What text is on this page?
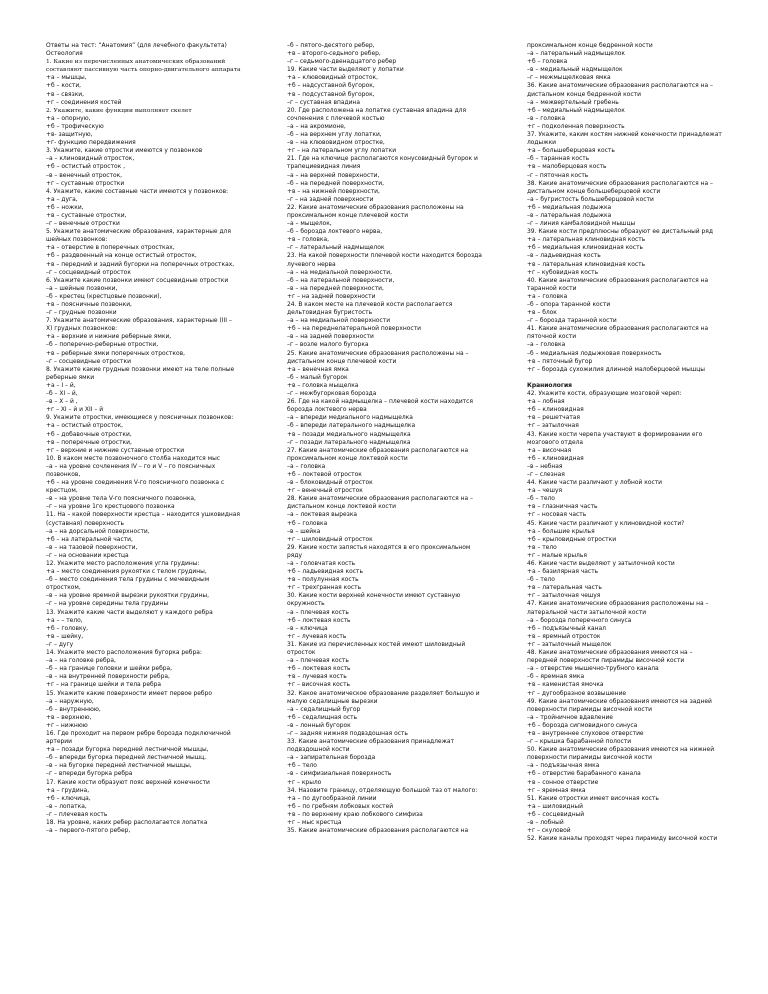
Ответы на тест: “Анатомия” (для лечебного факультета)
Остеология
1. Какие из перечисленных анатомических образований
составляют пассивную часть опорно-двигательного аппарата
+а – мышцы,
+б – кости,
+в – связки,
+г – соединения костей
2. Укажите, какие функции выполняет скелет
+а – опорную,
+б – трофическую
+в- защитную,
+г- функцию передвижения
3. Укажите, какие отростки имеются у позвонков
–а – клиновидный отросток,
+б – остистый отросток ,
–в – венечный отросток,
+г – суставные отростки
4. Укажите, какие составные части имеются у позвонков:
+а – дуга,
+б – ножки,
+в – суставные отростки,
–г – венечные отростки
5. Укажите анатомические образования, характерные для
шейных позвонков:
+а – отверстие в поперечных отростках,
+б – раздвоенный на конце остистый отросток,
+в – передний и задний бугорки на поперечных отростках,
–г – сосцевидный отросток
6. Укажите какие позвонки имеют сосцевидные отростки
–а – шейные позвонки,
–б – крестец (крестцовые позвонки),
+в – поясничные позвонки,
–г – грудные позвонки
7. Укажите анатомические образования, характерные (III –
X) грудных позвонков:
+а – верхние и нижние реберные ямки,
–б – поперечно-реберные отростки,
+в – реберные ямки поперечных отростков,
–г – сосцевидные отростки
8. Укажите какие грудные позвонки имеют на теле полные
реберные ямки
+а – I – й,
–б – XI – й,
–в – X – й ,
+г – XI – й и XII – й
9. Укажите отростки, имеющиеся у поясничных позвонков:
+а – остистый отросток,
+б – добавочные отростки,
+в – поперечные отростки,
+г – верхние и нижние суставные отростки
10. В каком месте позвоночного столба находится мыс
–а – на уровне сочленения IV – го и V – го поясничных
позвонков,
+б – на уровне соединения V-го поясничного позвонка с
крестцом,
–в – на уровне тела V-го поясничного позвонка,
–г – на уровне 1го крестцового позвонка
11. На – какой поверхности крестца – находится ушковидная
(суставная) поверхность
–а – на дорсальной поверхности,
+б – на латеральной части,
–в – на тазовой поверхности,
–г – на основании крестца
12. Укажите место расположения угла грудины:
+а – место соединения рукоятки с телом грудины,
–б – место соединения тела грудины с мечевидным
отростком,
–в – на уровне яремной вырезки рукоятки грудины,
–г – на уровне середины тела грудины
13. Укажите какие части выделяют у каждого ребра
+а – – тело,
+б – головку,
+в – шейку,
–г – дугу
14. Укажите место расположения бугорка ребра:
–а – на головке ребра,
–б – на границе головки и шейки ребра,
–в – на внутренней поверхности ребра,
+г – на границе шейки и тела ребра
15. Укажите какие поверхности имеет первое ребро
–а – наружную,
–б – внутреннюю,
+в – верхнюю,
+г – нижнюю
16. Где проходит на первом ребре борозда подключичной
артерии
+а – позади бугорка передней лестничной мышцы,
–б – впереди бугорка передней лестничной мышц,
–в – на бугорке передней лестничной мышцы,
–г – впереди бугорка ребра
17. Какие кости образуют пояс верхней конечности
+а – грудина,
+б – ключица,
–в – лопатка,
–г – плечевая кость
18. На уровне, каких ребер располагается лопатка
–а – первого-пятого ребер,
–б – пятого-десятого ребер,
+в – второго-седьмого ребер,
–г – седьмого-двенадцатого ребер
19. Какие части выделяют у лопатки
+а – клювовидный отросток,
+б – надсуставной бугорок,
+в – подсуставной бугорок,
–г – суставная впадина
20. Где расположена на лопатке суставная впадина для
сочленения с плечевой костью
–а – на акромионе,
–б – на верхнем углу лопатки,
–в – на клювовидном отростке,
+г – на латеральном углу лопатки
21. Где на ключице располагаются конусовидный бугорок и
трапециевидная линия
–а – на верхней поверхности,
–б – на передней поверхности,
+в – на нижней поверхности,
–г – на задней поверхности
22. Какие анатомические образования расположены на
проксимальном конце плечевой кости
–а – мыщелок,
–б – борозда локтевого нерва,
+в – головка,
–г – латеральный надмыщелок
23. На какой поверхности плечевой кости находится борозда
лучевого нерва
–а – на медиальной поверхности,
–б – на латеральной поверхности,
–в – на передней поверхности,
+г – на задней поверхности
24. В каком месте на плечевой кости располагается
дельтовидная бугристость
–а – на медиальной поверхности
+б – на переднелатеральной поверхности
–в – на задней поверхности
–г – возле малого бугорка
25. Какие анатомические образования расположены на –
дистальном конце плечевой кости
+а – венечная ямка
–б – малый бугорок
+в – головка мыщелка
–г – межбугорковая борозда
26. Где на какой надмыщелка – плечевой кости находится
борозда локтевого нерва
–а – впереди медиального надмыщелка
–б – впереди латерального надмыщелка
+в – позади медиального надмыщелка
–г – позади латерального надмыщелка
27. Какие анатомические образования располагаются на
проксимальном конце локтевой кости
–а – головка
+б – локтевой отросток
–в – блоковидный отросток
+г – венечный отросток
28. Какие анатомические образования располагаются на –
дистальном конце локтевой кости
–а – локтевая вырезка
+б – головка
–в – шейка
+г – шиловидный отросток
29. Какие кости запястья находятся в его проксимальном
ряду
–а – головчатая кость
+б – ладьевидная кость
+в – полулунная кость
+г – трехгранная кость
30. Какие кости верхней конечности имеют суставную
окружность
–а – плечевая кость
+б – локтевая кость
–в – ключица
+г – лучевая кость
31. Какие из перечисленных костей имеют шиловидный
отросток
–а – плечевая кость
+б – локтевая кость
+в – лучевая кость
+г – височная кость
32. Какое анатомическое образование разделяет большую и
малую седалищные вырезки
–а – седалищный бугор
+б – седалищная ость
–в – лонный бугорок
–г – задняя нижняя подвздошная ость
33. Какие анатомические образования принадлежат
подвздошной кости
–а – запирательная борозда
+б – тело
–в – симфизиальная поверхность
+г – крыло
34. Назовите границу, отделяющую большой таз от малого:
+а – по дугообразной линии
+б – по гребням лобковых костей
+в – по верхнему краю лобкового симфиза
+г – мыс крестца
35. Какие анатомические образования располагаются на
проксимальном конце бедренной кости
–а – латеральный надмыщелок
+б – головка
–в – медиальный надмыщелок
–г – межмыщелковая ямка
36. Какие анатомические образования располагаются на –
дистальном конце бедренной кости
–а – межвертельный гребень
+б – медиальный надмыщелок
–в – головка
+г – подколенная поверхность
37. Укажите, каким костям нижней конечности принадлежат
лодыжки
+а – большеберцовая кость
–б – таранная кость
+в – малоберцовая кость
–г – пяточная кость
38. Какие анатомические образования располагаются на –
дистальном конце большеберцовой кости
–а – бугристость большеберцовой кости
+б – медиальная лодыжка
–в – латеральная лодыжка
–г – линия камбаловидной мышцы
39. Какие кости предплюсны образуют ее дистальный ряд
+а – латеральная клиновидная кость
+б – медиальная клиновидная кость
–в – ладьевидная кость
+в – латеральная клиновидная кость
+г – кубовидная кость
40. Какие анатомические образования располагаются на
таранной кости
+а – головка
–б – опора таранной кости
+в – блок
–г – борозда таранной кости
41. Какие анатомические образования располагаются на
пяточной кости
–а – головка
–б – медиальная лодыжковая поверхность
+в – пяточный бугор
+г – борозда сухожилия длинной малоберцовой мышцы

Краниология
42. Укажите кости, образующие мозговой череп:
+а – лобная
+б – клиновидная
+в – решетчатая
+г – затылочная
43. Какие кости черепа участвуют в формировании его
мозгового отдела
+а – височная
+б – клиновидная
–в – небная
–г – слезная
44. Какие части различают у лобной кости
+а – чешуя
–б – тело
+в – глазничная часть
+г – носовая часть
45. Какие части различают у клиновидной кости?
+а – большие крылья
+б – крыловидные отростки
+в – тело
+г – малые крылья
46. Какие части выделяют у затылочной кости
+а – базилярная часть
–б – тело
+в – латеральная часть
+г – затылочная чешуя
47. Какие анатомические образования расположены на –
латеральной части затылочной кости
–а – борозда поперечного синуса
+б – подъязычный канал
+в – яремный отросток
+г – затылочный мыщелок
48. Какие анатомические образования имеются на –
передней поверхности пирамиды височной кости
–а – отверстие мышечно-трубного канала
–б – яремная ямка
+в – каменистая ямочка
+г – дугообразное возвышение
49. Какие анатомические образования имеются на задней
поверхности пирамиды височной кости
–а – тройничное вдавление
+б – борозда сигмовидного синуса
+в – внутреннее слуховое отверстие
–г – крышка барабанной полости
50. Какие анатомические образования имеются на нижней
поверхности пирамиды височной кости
–а – подъязычная ямка
+б – отверстие барабанного канала
+в – сонное отверстие
+г – яремная ямка
51. Какие отростки имеет височная кость
+а – шиловидный
+б – сосцевидный
–в – лобный
+г – скуловой
52. Какие каналы проходят через пирамиду височной кости
